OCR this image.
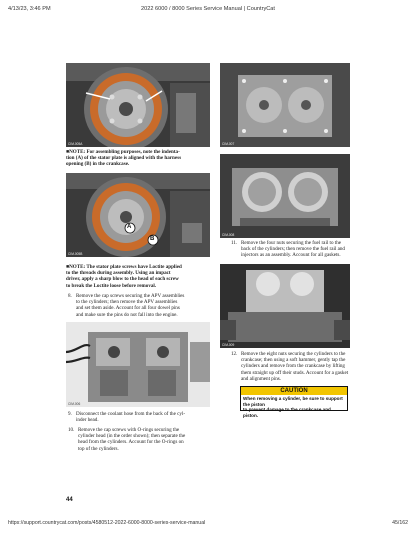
4/13/23, 3:46 PM	2022 6000 / 8000 Series Service Manual | CountryCat
CIM-005A
■NOTE: For assembling purposes, note the indenta-
tion (A) of the stator plate is aligned with the harness
opening (B) in the crankcase.
A
B
CIM-005B
■NOTE: The stator plate screws have Loctite applied
to the threads during assembly. Using an impact
driver, apply a sharp blow to the head of each screw
to break the Loctite loose before removal.
8. Remove the cap screws securing the APV assemblies
to the cylinders; then remove the APV assemblies
and set them aside. Account for all four dowel pins
and make sure the pins do not fall into the engine.
CIM-006
9. Disconnect the coolant hose from the back of the cyl-
inder head.
10. Remove the cap screws with O-rings securing the
cylinder head (in the order shown); then separate the
head from the cylinders. Account for the O-rings on
top of the cylinders.
CIM-007
CIM-008
11. Remove the four nuts securing the fuel rail to the
back of the cylinders; then remove the fuel rail and
injectors as an assembly. Account for all gaskets.
CIM-009
12. Remove the eight nuts securing the cylinders to the
crankcase; then using a soft hammer, gently tap the
cylinders and remove from the crankcase by lifting
them straight up off their studs. Account for a gasket
and alignment pins.
CAUTION
When removing a cylinder, be sure to support the piston
to prevent damage to the crankcase and piston.
44
https://support.countrycat.com/posts/4580512-2022-6000-8000-series-service-manual	45/162
